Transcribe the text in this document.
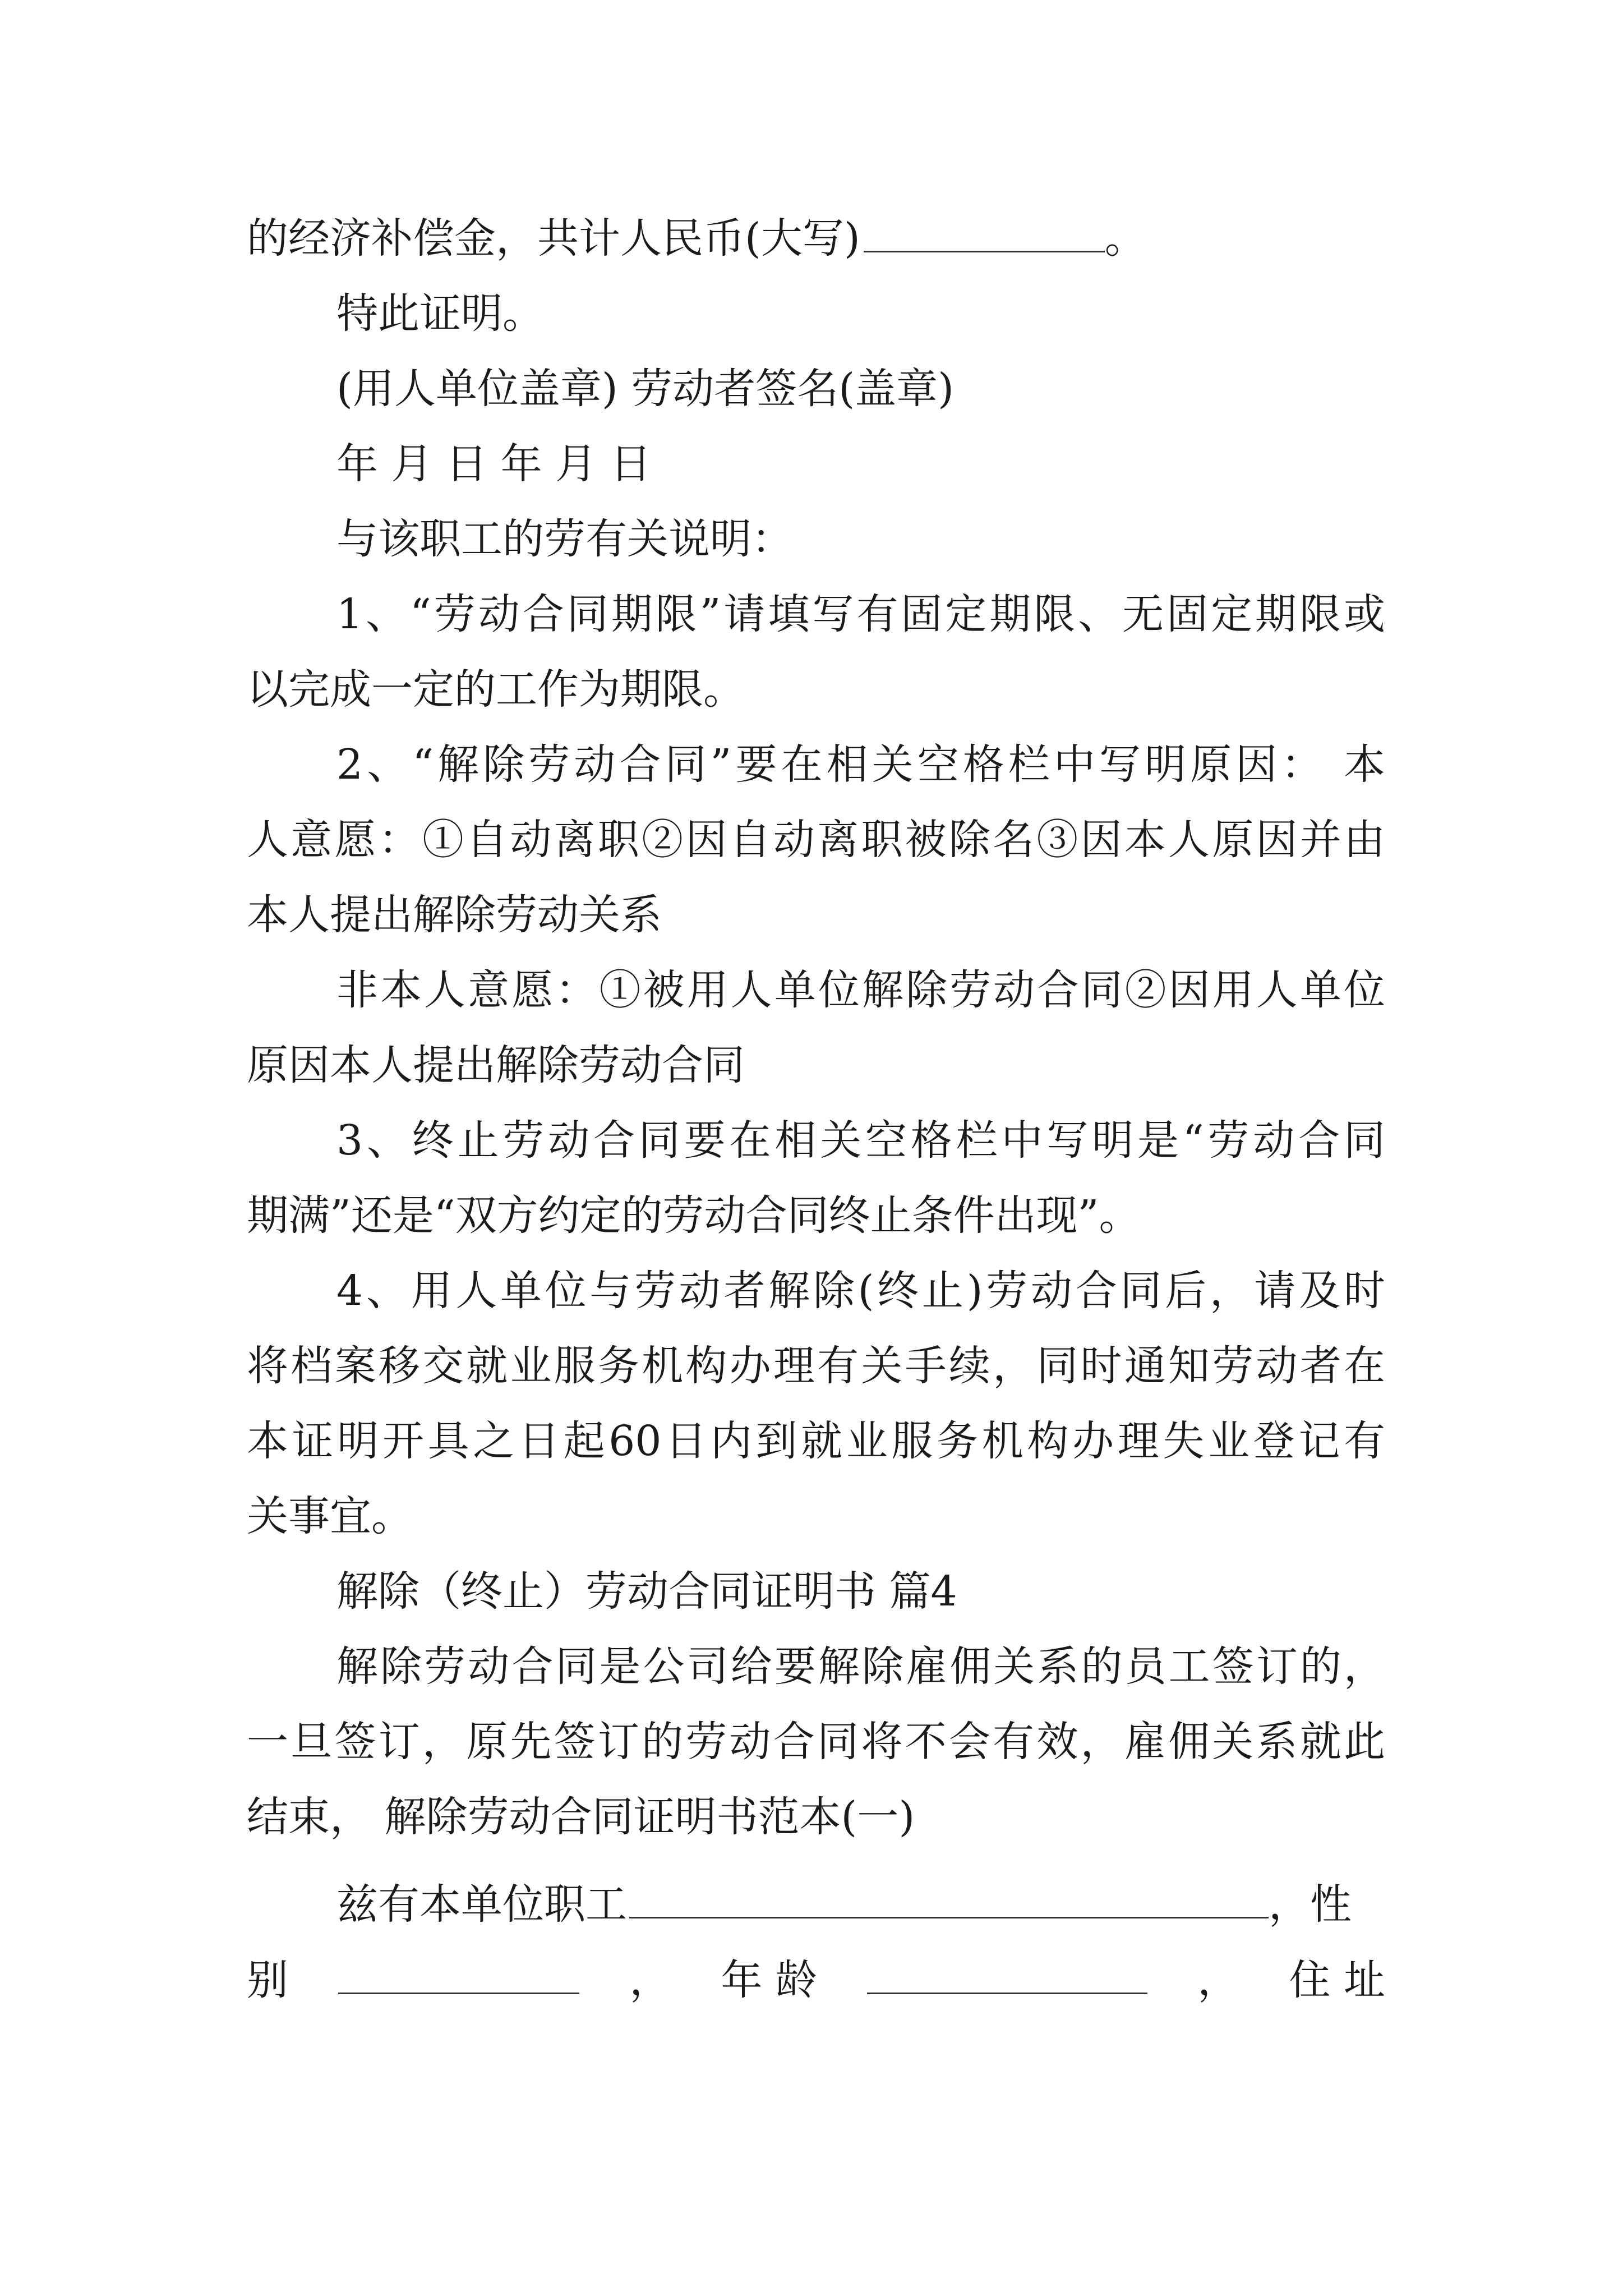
的经济补偿金，共计人民币(大写)	。
特此证明。
(用人单位盖章) 劳动者签名(盖章)
年 月 日 年 月 日
与该职工的劳有关说明：
1、“劳动合同期限”请填写有固定期限、无固定期限或
以完成一定的工作为期限。
2、“解除劳动合同”要在相关空格栏中写明原因： 本
人意愿：①自动离职②因自动离职被除名③因本人原因并由
本人提出解除劳动关系
非本人意愿：①被用人单位解除劳动合同②因用人单位
原因本人提出解除劳动合同
3、终止劳动合同要在相关空格栏中写明是“劳动合同
期满”还是“双方约定的劳动合同终止条件出现”。
4、用人单位与劳动者解除(终止)劳动合同后，请及时
将档案移交就业服务机构办理有关手续，同时通知劳动者在
本证明开具之日起60日内到就业服务机构办理失业登记有
关事宜。
解除（终止）劳动合同证明书 篇4
解除劳动合同是公司给要解除雇佣关系的员工签订的，
一旦签订，原先签订的劳动合同将不会有效，雇佣关系就此
结束， 解除劳动合同证明书范本(一)
兹有本单位职工	，性
别	， 年 龄	， 住 址
